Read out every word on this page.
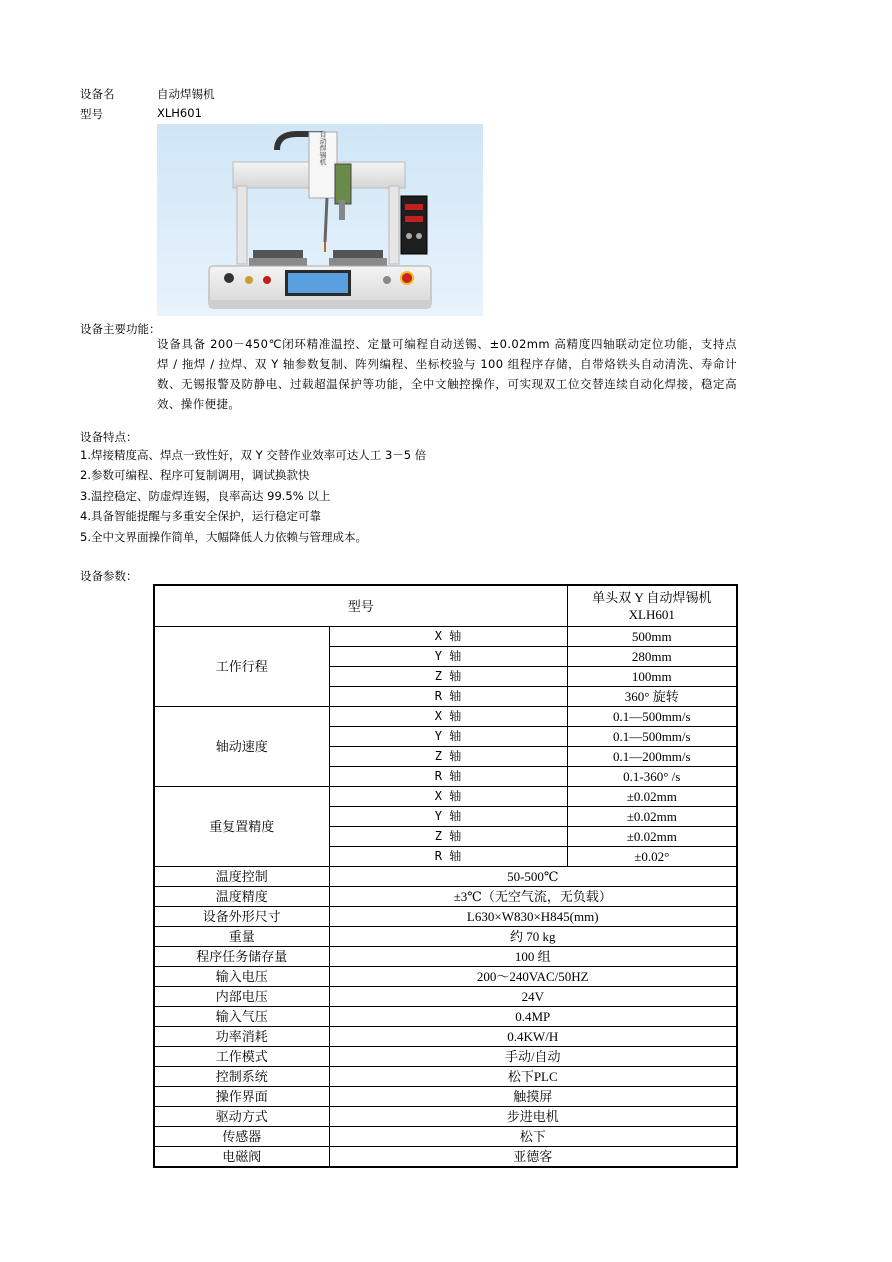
设备名	自动焊锡机
型号	XLH601
自动焊锡机
设备主要功能：
设备具备 200－450℃闭环精准温控、定量可编程自动送锡、±0.02mm 高精度四轴联动定位功能，支持点焊 / 拖焊 / 拉焊、双 Y 轴参数复制、阵列编程、坐标校验与 100 组程序存储，自带烙铁头自动清洗、寿命计数、无锡报警及防静电、过载超温保护等功能，全中文触控操作，可实现双工位交替连续自动化焊接，稳定高效、操作便捷。
设备特点：
1.焊接精度高、焊点一致性好，双 Y 交替作业效率可达人工 3－5 倍
2.参数可编程、程序可复制调用，调试换款快
3.温控稳定、防虚焊连锡，良率高达 99.5% 以上
4.具备智能提醒与多重安全保护，运行稳定可靠
5.全中文界面操作简单，大幅降低人力依赖与管理成本。
设备参数：
型号		单头双 Y 自动焊锡机
XLH601

工作行程	X 轴	500mm
	Y 轴	280mm
	Z 轴	100mm
	R 轴	360° 旋转
轴动速度	X 轴	0.1—500mm/s
	Y 轴	0.1—500mm/s
	Z 轴	0.1—200mm/s
	R 轴	0.1-360° /s
重复置精度	X 轴	±0.02mm
	Y 轴	±0.02mm
	Z 轴	±0.02mm
	R 轴	±0.02°
温度控制	50-500℃	
温度精度	±3℃（无空气流，无负载）	
设备外形尺寸	L630×W830×H845(mm)	
重量	约 70 kg	
程序任务储存量	100 组	
输入电压	200～240VAC/50HZ	
内部电压	24V	
输入气压	0.4MP	
功率消耗	0.4KW/H	
工作模式	手动/自动	
控制系统	松下PLC	
操作界面	触摸屏	
驱动方式	步进电机	
传感器	松下	
电磁阀	亚德客	
